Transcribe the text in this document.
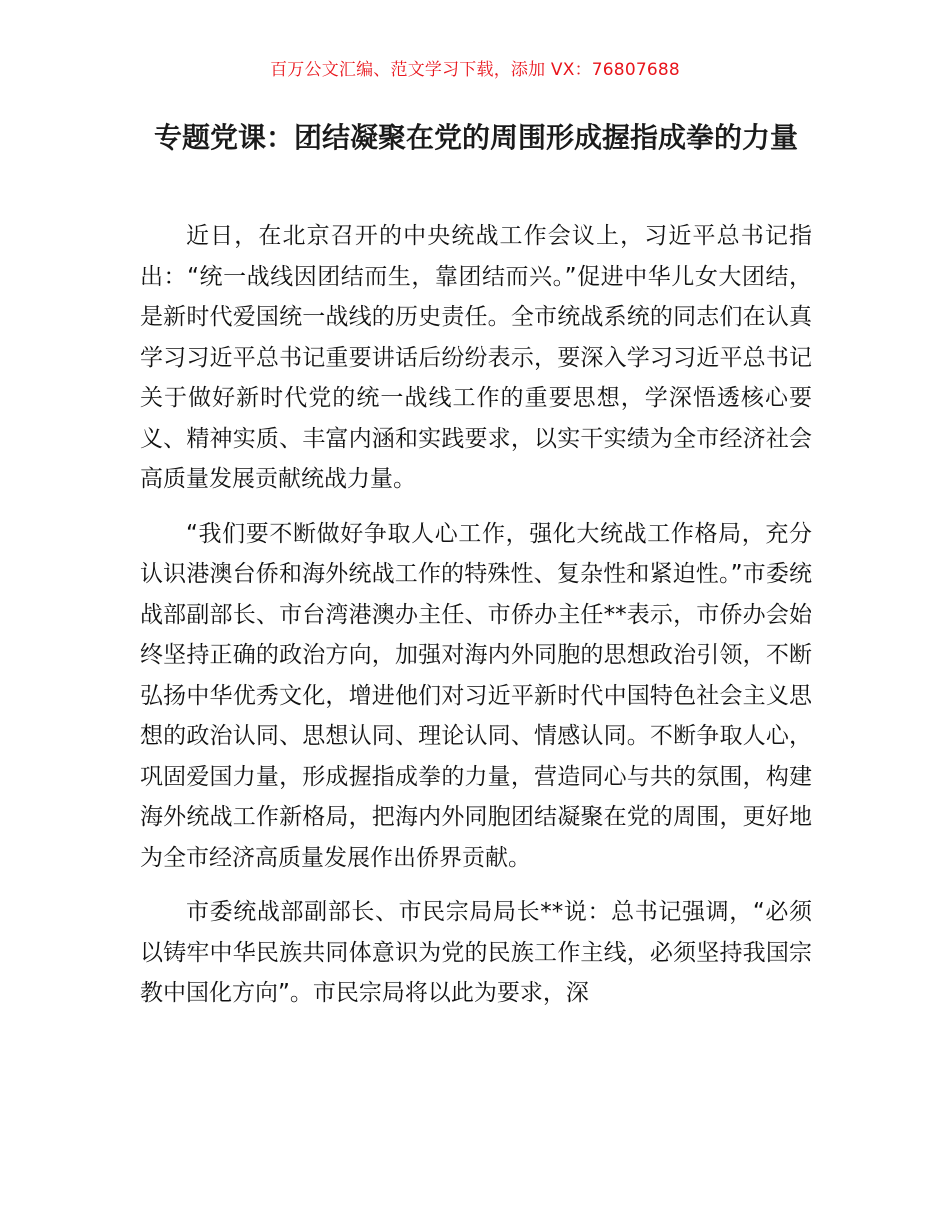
百万公文汇编、范文学习下载，添加 VX：76807688
专题党课：团结凝聚在党的周围形成握指成拳的力量

近日，在北京召开的中央统战工作会议上，习近平总书记指出：“统一战线因团结而生，靠团结而兴。”促进中华儿女大团结，是新时代爱国统一战线的历史责任。全市统战系统的同志们在认真学习习近平总书记重要讲话后纷纷表示，要深入学习习近平总书记关于做好新时代党的统一战线工作的重要思想，学深悟透核心要义、精神实质、丰富内涵和实践要求，以实干实绩为全市经济社会高质量发展贡献统战力量。

“我们要不断做好争取人心工作，强化大统战工作格局，充分认识港澳台侨和海外统战工作的特殊性、复杂性和紧迫性。”市委统战部副部长、市台湾港澳办主任、市侨办主任**表示，市侨办会始终坚持正确的政治方向，加强对海内外同胞的思想政治引领，不断弘扬中华优秀文化，增进他们对习近平新时代中国特色社会主义思想的政治认同、思想认同、理论认同、情感认同。不断争取人心，巩固爱国力量，形成握指成拳的力量，营造同心与共的氛围，构建海外统战工作新格局，把海内外同胞团结凝聚在党的周围，更好地为全市经济高质量发展作出侨界贡献。

市委统战部副部长、市民宗局局长**说：总书记强调，“必须以铸牢中华民族共同体意识为党的民族工作主线，必须坚持我国宗教中国化方向”。市民宗局将以此为要求，深
